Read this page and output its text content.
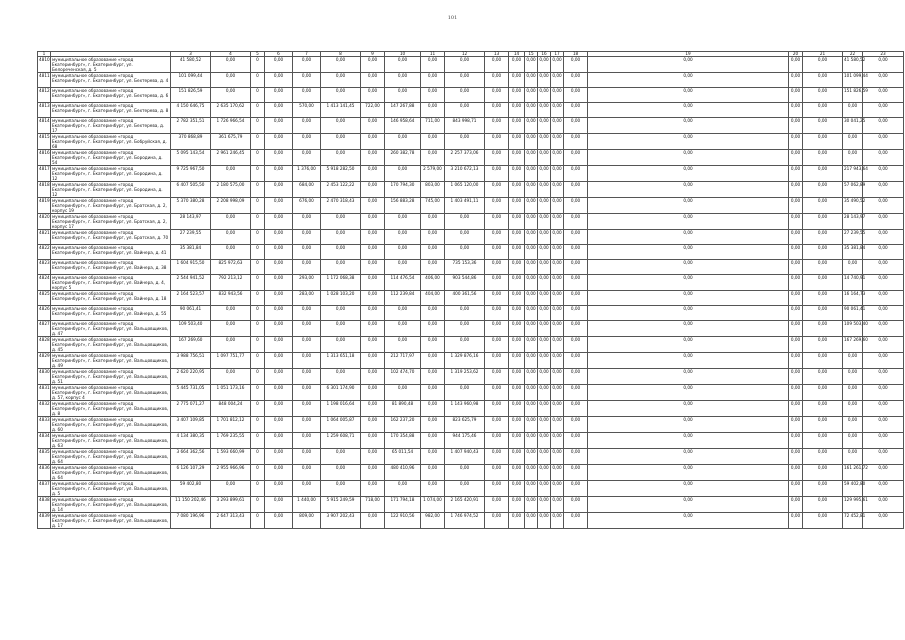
101
1		3	4	5	6	7	8	9	10	11	12	13	14	15	16	17	18	19	20	21	22	23	
4810	муниципальное образование «город Екатеринбург», г. Екатеринбург, ул. Белореченская, д. 5	41 580,52	0,00	0	0,00	0,00	0,00	0,00	0,00	0,00	0,00	0,00	0,00	0,00	0,00	0,00	0,00	0,00	0,00	0,00	41 580,52	0,00	
4811	муниципальное образование «город Екатеринбург», г. Екатеринбург, ул. Бехтерева, д. 4	101 099,44	0,00	0	0,00	0,00	0,00	0,00	0,00	0,00	0,00	0,00	0,00	0,00	0,00	0,00	0,00	0,00	0,00	0,00	101 099,44	0,00	
4812	муниципальное образование «город Екатеринбург», г. Екатеринбург, ул. Бехтерева, д. 6	151 826,59	0,00	0	0,00	0,00	0,00	0,00	0,00	0,00	0,00	0,00	0,00	0,00	0,00	0,00	0,00	0,00	0,00	0,00	151 826,59	0,00	
4813	муниципальное образование «город Екатеринбург», г. Екатеринбург, ул. Бехтерева, д. 8	4 150 646,75	2 635 170,62	0	0,00	570,00	1 413 141,45	722,00	147 267,88	0,00	0,00	0,00	0,00	0,00	0,00	0,00	0,00	0,00	0,00	0,00	0,00	0,00	
4814	муниципальное образование «город Екатеринбург», г. Екатеринбург, ул. Бехтерева, д. 17	2 782 351,51	1 726 966,54	0	0,00	0,00	0,00	0,00	146 958,64	711,00	843 998,71	0,00	0,00	0,00	0,00	0,00	0,00	0,00	0,00	0,00	30 041,25	0,00	
4815	муниципальное образование «город Екатеринбург», г. Екатеринбург, ул. Бобруйская, д. 68	370 868,89	361 675,79	0	0,00	0,00	0,00	0,00	0,00	0,00	0,00	0,00	0,00	0,00	0,00	0,00	0,00	0,00	0,00	0,00	0,00	0,00	
4816	муниципальное образование «город Екатеринбург», г. Екатеринбург, ул. Бородина, д. 54	5 095 143,54	2 961 246,45	0	0,00	0,00	0,00	0,00	260 382,78	0,00	2 257 373,06	0,00	0,00	0,00	0,00	0,00	0,00	0,00	0,00	0,00	0,00	0,00	
4817	муниципальное образование «город Екатеринбург», г. Екатеринбург, ул. Бородина, д. 12	9 725 967,50	0,00	0	0,00	1 376,00	5 918 282,50	0,00	0,00	2 579,00	3 210 672,13	0,00	0,00	0,00	0,00	0,00	0,00	0,00	0,00	0,00	217 943,64	0,00	
4818	муниципальное образование «город Екатеринбург», г. Екатеринбург, ул. Бородина, д. 12	6 407 505,50	2 180 575,00	0	0,00	684,00	2 453 122,22	0,00	170 794,30	803,00	1 065 120,00	0,00	0,00	0,00	0,00	0,00	0,00	0,00	0,00	0,00	57 062,89	0,00	
4819	муниципальное образование «город Екатеринбург», г. Екатеринбург, ул. Братская, д. 2, корпус 19	5 370 380,28	2 208 998,09	0	0,00	676,00	2 470 318,43	0,00	156 883,28	745,00	1 403 491,11	0,00	0,00	0,00	0,00	0,00	0,00	0,00	0,00	0,00	35 490,52	0,00	
4820	муниципальное образование «город Екатеринбург», г. Екатеринбург, ул. Братская, д. 2, корпус 17	28 143,97	0,00	0	0,00	0,00	0,00	0,00	0,00	0,00	0,00	0,00	0,00	0,00	0,00	0,00	0,00	0,00	0,00	0,00	28 143,97	0,00	
4821	муниципальное образование «город Екатеринбург», г. Екатеринбург, ул. Братская, д. 70	27 239,55	0,00	0	0,00	0,00	0,00	0,00	0,00	0,00	0,00	0,00	0,00	0,00	0,00	0,00	0,00	0,00	0,00	0,00	27 239,55	0,00	
4822	муниципальное образование «город Екатеринбург», г. Екатеринбург, ул. Вайнера, д. 41	35 381,84	0,00	0	0,00	0,00	0,00	0,00	0,00	0,00	0,00	0,00	0,00	0,00	0,00	0,00	0,00	0,00	0,00	0,00	35 381,84	0,00	
4823	муниципальное образование «город Екатеринбург», г. Екатеринбург, ул. Вайнера, д. 38	1 604 915,50	825 972,63	0	0,00	0,00	0,00	0,00	0,00	0,00	735 153,36	0,00	0,00	0,00	0,00	0,00	0,00	0,00	0,00	0,00	0,00	0,00	
4824	муниципальное образование «город Екатеринбург», г. Екатеринбург, ул. Вайнера, д. 4, корпус 5	2 544 941,52	792 213,12	0	0,00	293,00	1 172 068,38	0,00	114 476,54	406,00	903 544,86	0,00	0,00	0,00	0,00	0,00	0,00	0,00	0,00	0,00	14 740,91	0,00	
4825	муниципальное образование «город Екатеринбург», г. Екатеринбург, ул. Вайнера, д. 18	2 164 523,57	832 943,56	0	0,00	283,00	1 028 103,20	0,00	112 239,84	404,00	400 361,56	0,00	0,00	0,00	0,00	0,00	0,00	0,00	0,00	0,00	16 164,73	0,00	
4826	муниципальное образование «город Екатеринбург», г. Екатеринбург, ул. Вайнера, д. 55	90 061,41	0,00	0	0,00	0,00	0,00	0,00	0,00	0,00	0,00	0,00	0,00	0,00	0,00	0,00	0,00	0,00	0,00	0,00	90 061,41	0,00	
4827	муниципальное образование «город Екатеринбург», г. Екатеринбург, ул. Вальцовщиков, д. 47	109 503,40	0,00	0	0,00	0,00	0,00	0,00	0,00	0,00	0,00	0,00	0,00	0,00	0,00	0,00	0,00	0,00	0,00	0,00	109 503,40	0,00	
4828	муниципальное образование «город Екатеринбург», г. Екатеринбург, ул. Вальцовщиков, д. 45	167 269,60	0,00	0	0,00	0,00	0,00	0,00	0,00	0,00	0,00	0,00	0,00	0,00	0,00	0,00	0,00	0,00	0,00	0,00	167 269,60	0,00	
4829	муниципальное образование «город Екатеринбург», г. Екатеринбург, ул. Вальцовщиков, д. 49	3 988 756,51	1 097 751,77	0	0,00	0,00	1 313 651,18	0,00	212 717,97	0,00	1 329 876,16	0,00	0,00	0,00	0,00	0,00	0,00	0,00	0,00	0,00	0,00	0,00	
4830	муниципальное образование «город Екатеринбург», г. Екатеринбург, ул. Вальцовщиков, д. 51	2 620 220,95	0,00	0	0,00	0,00	0,00	0,00	102 474,70	0,00	1 319 253,62	0,00	0,00	0,00	0,00	0,00	0,00	0,00	0,00	0,00	0,00	0,00	
4831	муниципальное образование «город Екатеринбург», г. Екатеринбург, ул. Вальцовщиков, д. 57, корпус 4	5 445 731,05	1 051 173,16	0	0,00	0,00	6 301 174,90	0,00	0,00	0,00	0,00	0,00	0,00	0,00	0,00	0,00	0,00	0,00	0,00	0,00	0,00	0,00	
4832	муниципальное образование «город Екатеринбург», г. Екатеринбург, ул. Вальцовщиков, д. 8	2 775 071,27	848 004,24	0	0,00	0,00	1 198 016,64	0,00	81 890,48	0,00	1 143 960,98	0,00	0,00	0,00	0,00	0,00	0,00	0,00	0,00	0,00	0,00	0,00	
4833	муниципальное образование «город Екатеринбург», г. Екатеринбург, ул. Вальцовщиков, д. 60	3 407 109,85	1 701 812,12	0	0,00	0,00	1 064 005,87	0,00	162 237,20	0,00	823 625,79	0,00	0,00	0,00	0,00	0,00	0,00	0,00	0,00	0,00	0,00	0,00	
4834	муниципальное образование «город Екатеринбург», г. Екатеринбург, ул. Вальцовщиков, д. 63	4 134 380,35	1 769 235,55	0	0,00	0,00	1 259 608,71	0,00	170 354,88	0,00	944 175,46	0,00	0,00	0,00	0,00	0,00	0,00	0,00	0,00	0,00	0,00	0,00	
4835	муниципальное образование «город Екатеринбург», г. Екатеринбург, ул. Вальцовщиков, д. 64	3 664 362,56	1 593 660,99	0	0,00	0,00	0,00	0,00	65 011,54	0,00	1 407 940,43	0,00	0,00	0,00	0,00	0,00	0,00	0,00	0,00	0,00	0,00	0,00	
4836	муниципальное образование «город Екатеринбург», г. Екатеринбург, ул. Вальцовщиков, д. 64	6 126 107,29	2 955 966,96	0	0,00	0,00	0,00	0,00	480 410,96	0,00	0,00	0,00	0,00	0,00	0,00	0,00	0,00	0,00	0,00	0,00	161 261,72	0,00	
4837	муниципальное образование «город Екатеринбург», г. Екатеринбург, ул. Вальцовщиков, д. 5	59 402,80	0,00	0	0,00	0,00	0,00	0,00	0,00	0,00	0,00	0,00	0,00	0,00	0,00	0,00	0,00	0,00	0,00	0,00	59 402,80	0,00	
4838	муниципальное образование «город Екатеринбург», г. Екатеринбург, ул. Вальцовщиков, д. 14	11 150 202,46	3 293 899,61	0	0,00	1 440,00	5 915 249,59	718,00	171 794,18	1 074,00	2 165 420,91	0,00	0,00	0,00	0,00	0,00	0,00	0,00	0,00	0,00	129 995,61	0,00	
4839	муниципальное образование «город Екатеринбург», г. Екатеринбург, ул. Вальцовщиков, д. 17	7 080 196,96	2 647 313,43	0	0,00	809,00	3 907 202,43	0,00	122 910,56	982,00	1 746 974,52	0,00	0,00	0,00	0,00	0,00	0,00	0,00	0,00	0,00	72 452,81	0,00	
